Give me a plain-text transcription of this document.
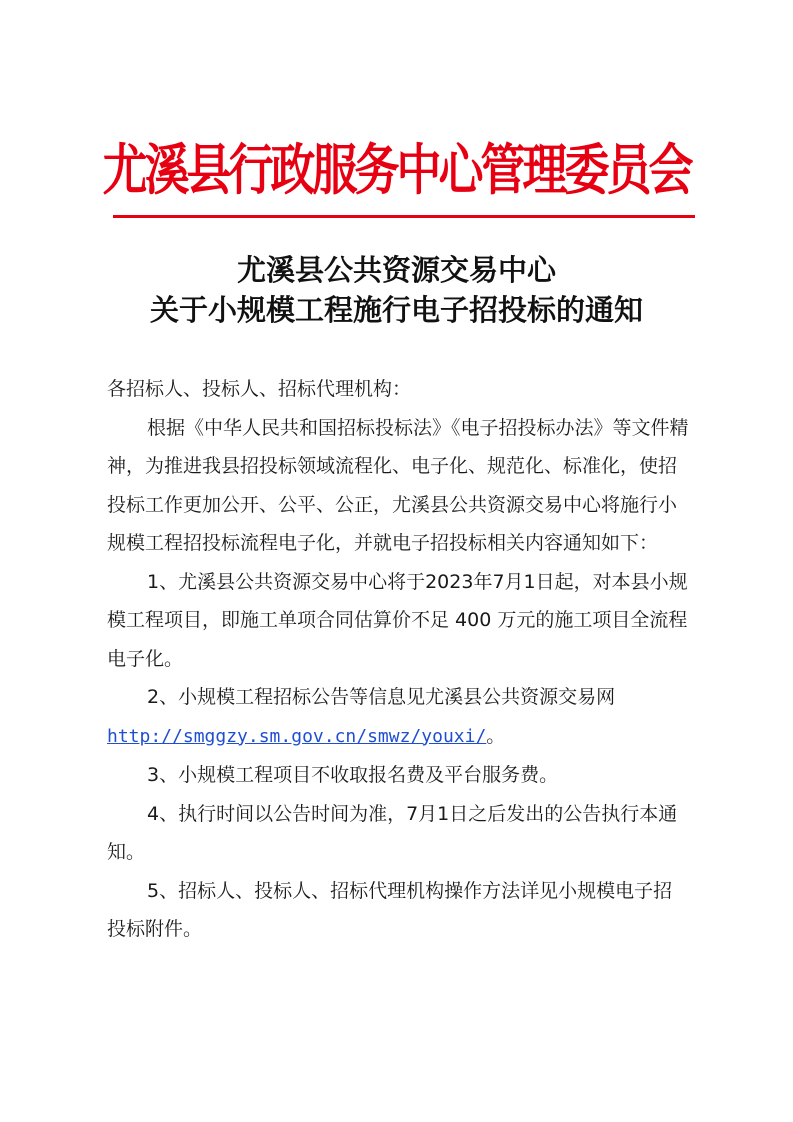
尤溪县行政服务中心管理委员会
尤溪县公共资源交易中心
关于小规模工程施行电子招投标的通知

各招标人、投标人、招标代理机构：

根据《中华人民共和国招标投标法》《电子招投标办法》等文件精神，为推进我县招投标领域流程化、电子化、规范化、标准化，使招投标工作更加公开、公平、公正，尤溪县公共资源交易中心将施行小规模工程招投标流程电子化，并就电子招投标相关内容通知如下：

1、尤溪县公共资源交易中心将于2023年7月1日起，对本县小规模工程项目，即施工单项合同估算价不足 400 万元的施工项目全流程电子化。

2、小规模工程招标公告等信息见尤溪县公共资源交易网http://smggzy.sm.gov.cn/smwz/youxi/。

3、小规模工程项目不收取报名费及平台服务费。

4、执行时间以公告时间为准，7月1日之后发出的公告执行本通知。

5、招标人、投标人、招标代理机构操作方法详见小规模电子招投标附件。
